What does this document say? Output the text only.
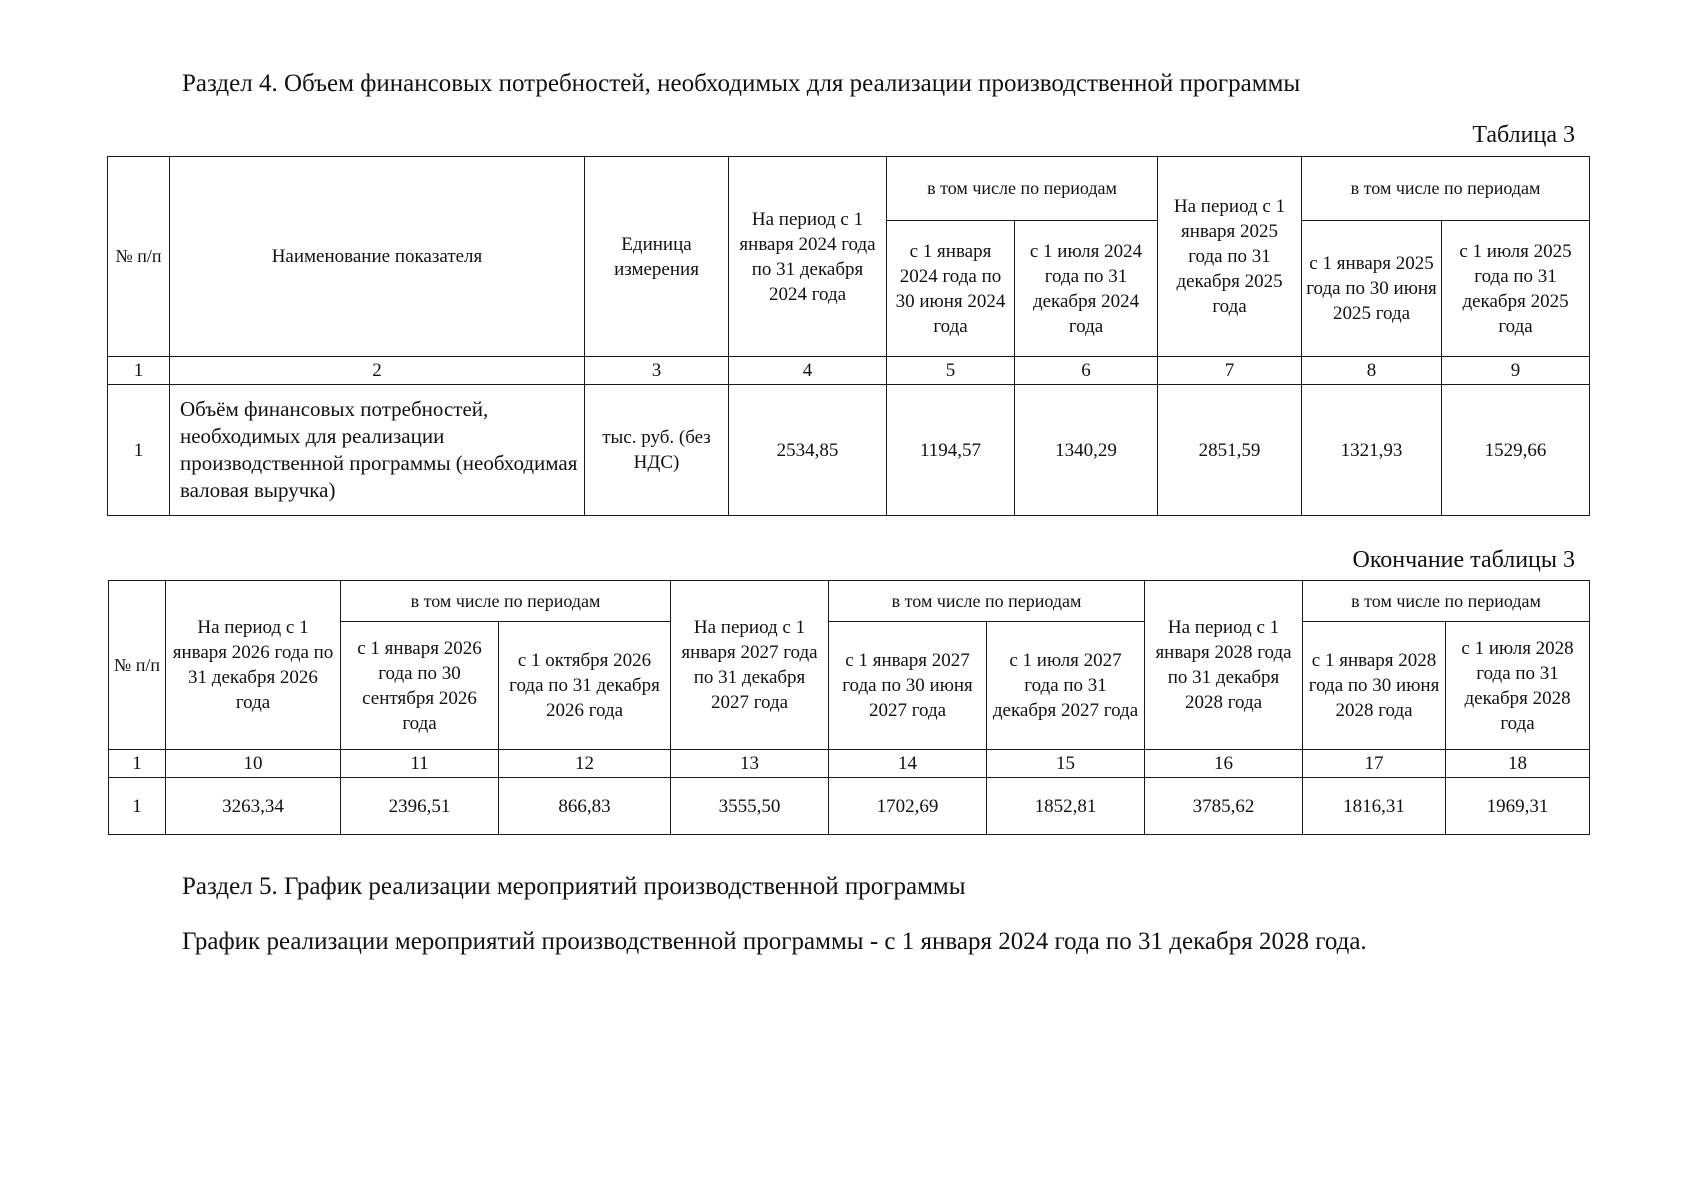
Раздел 4. Объем финансовых потребностей, необходимых для реализации производственной программы
Таблица 3
№ п/п	Наименование показателя	Единица измерения	На период с 1 января 2024 года по 31 декабря 2024 года	в том числе по периодам		На период с 1 января 2025 года по 31 декабря 2025 года	в том числе по периодам	
				с 1 января 2024 года по 30 июня 2024 года	с 1 июля 2024 года по 31 декабря 2024 года		с 1 января 2025 года по 30 июня 2025 года	с 1 июля 2025 года по 31 декабря 2025 года
1	2	3	4	5	6	7	8	9
1	Объём финансовых потребностей, необходимых для реализации производственной программы (необходимая валовая выручка)	тыс. руб. (без НДС)	2534,85	1194,57	1340,29	2851,59	1321,93	1529,66
Окончание таблицы 3
№ п/п	На период с 1 января 2026 года по 31 декабря 2026 года	в том числе по периодам		На период с 1 января 2027 года по 31 декабря 2027 года	в том числе по периодам		На период с 1 января 2028 года по 31 декабря 2028 года	в том числе по периодам	
		с 1 января 2026 года по 30 сентября 2026 года	с 1 октября 2026 года по 31 декабря 2026 года		с 1 января 2027 года по 30 июня 2027 года	с 1 июля 2027 года по 31 декабря 2027 года		с 1 января 2028 года по 30 июня 2028 года	с 1 июля 2028 года по 31 декабря 2028 года
1	10	11	12	13	14	15	16	17	18
1	3263,34	2396,51	866,83	3555,50	1702,69	1852,81	3785,62	1816,31	1969,31
Раздел 5. График реализации мероприятий производственной программы
График реализации мероприятий производственной программы - с 1 января 2024 года по 31 декабря 2028 года.
